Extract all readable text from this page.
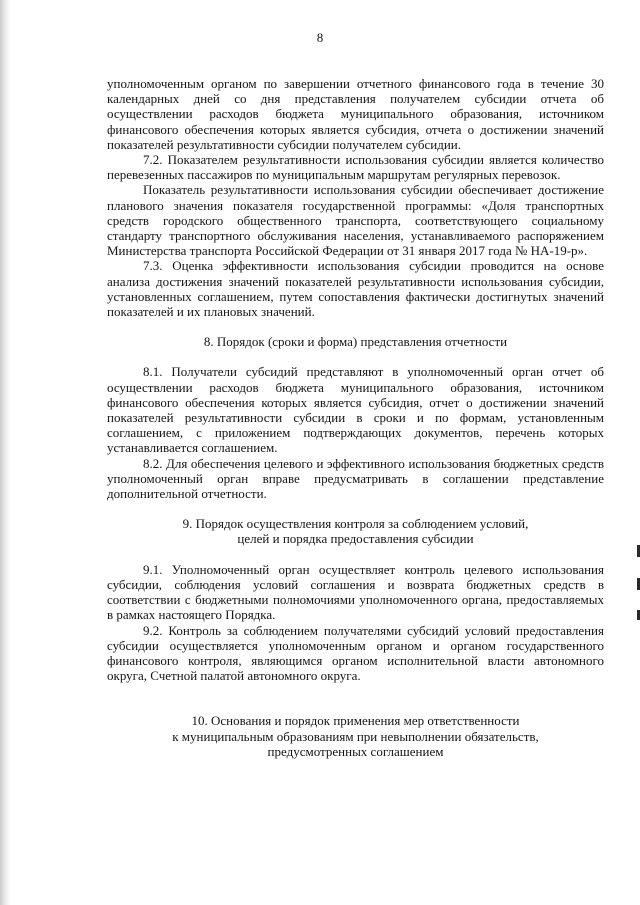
8

уполномоченным органом по завершении отчетного финансового года в течение 30 календарных дней со дня представления получателем субсидии отчета об осуществлении расходов бюджета муниципального образования, источником финансового обеспечения которых является субсидия, отчета о достижении значений показателей результативности субсидии получателем субсидии.

7.2. Показателем результативности использования субсидии является количество перевезенных пассажиров по муниципальным маршрутам регулярных перевозок.

Показатель результативности использования субсидии обеспечивает достижение планового значения показателя государственной программы: «Доля транспортных средств городского общественного транспорта, соответствующего социальному стандарту транспортного обслуживания населения, устанавливаемого распоряжением Министерства транспорта Российской Федерации от 31 января 2017 года № НА-19-р».

7.3. Оценка эффективности использования субсидии проводится на основе анализа достижения значений показателей результативности использования субсидии, установленных соглашением, путем сопоставления фактически достигнутых значений показателей и их плановых значений.

8. Порядок (сроки и форма) представления отчетности

8.1. Получатели субсидий представляют в уполномоченный орган отчет об осуществлении расходов бюджета муниципального образования, источником финансового обеспечения которых является субсидия, отчет о достижении значений показателей результативности субсидии в сроки и по формам, установленным соглашением, с приложением подтверждающих документов, перечень которых устанавливается соглашением.

8.2. Для обеспечения целевого и эффективного использования бюджетных средств уполномоченный орган вправе предусматривать в соглашении представление дополнительной отчетности.

9. Порядок осуществления контроля за соблюдением условий,
целей и порядка предоставления субсидии

9.1. Уполномоченный орган осуществляет контроль целевого использования субсидии, соблюдения условий соглашения и возврата бюджетных средств в соответствии с бюджетными полномочиями уполномоченного органа, предоставляемых в рамках настоящего Порядка.

9.2. Контроль за соблюдением получателями субсидий условий предоставления субсидии осуществляется уполномоченным органом и органом государственного финансового контроля, являющимся органом исполнительной власти автономного округа, Счетной палатой автономного округа.

10. Основания и порядок применения мер ответственности
к муниципальным образованиям при невыполнении обязательств,
предусмотренных соглашением
